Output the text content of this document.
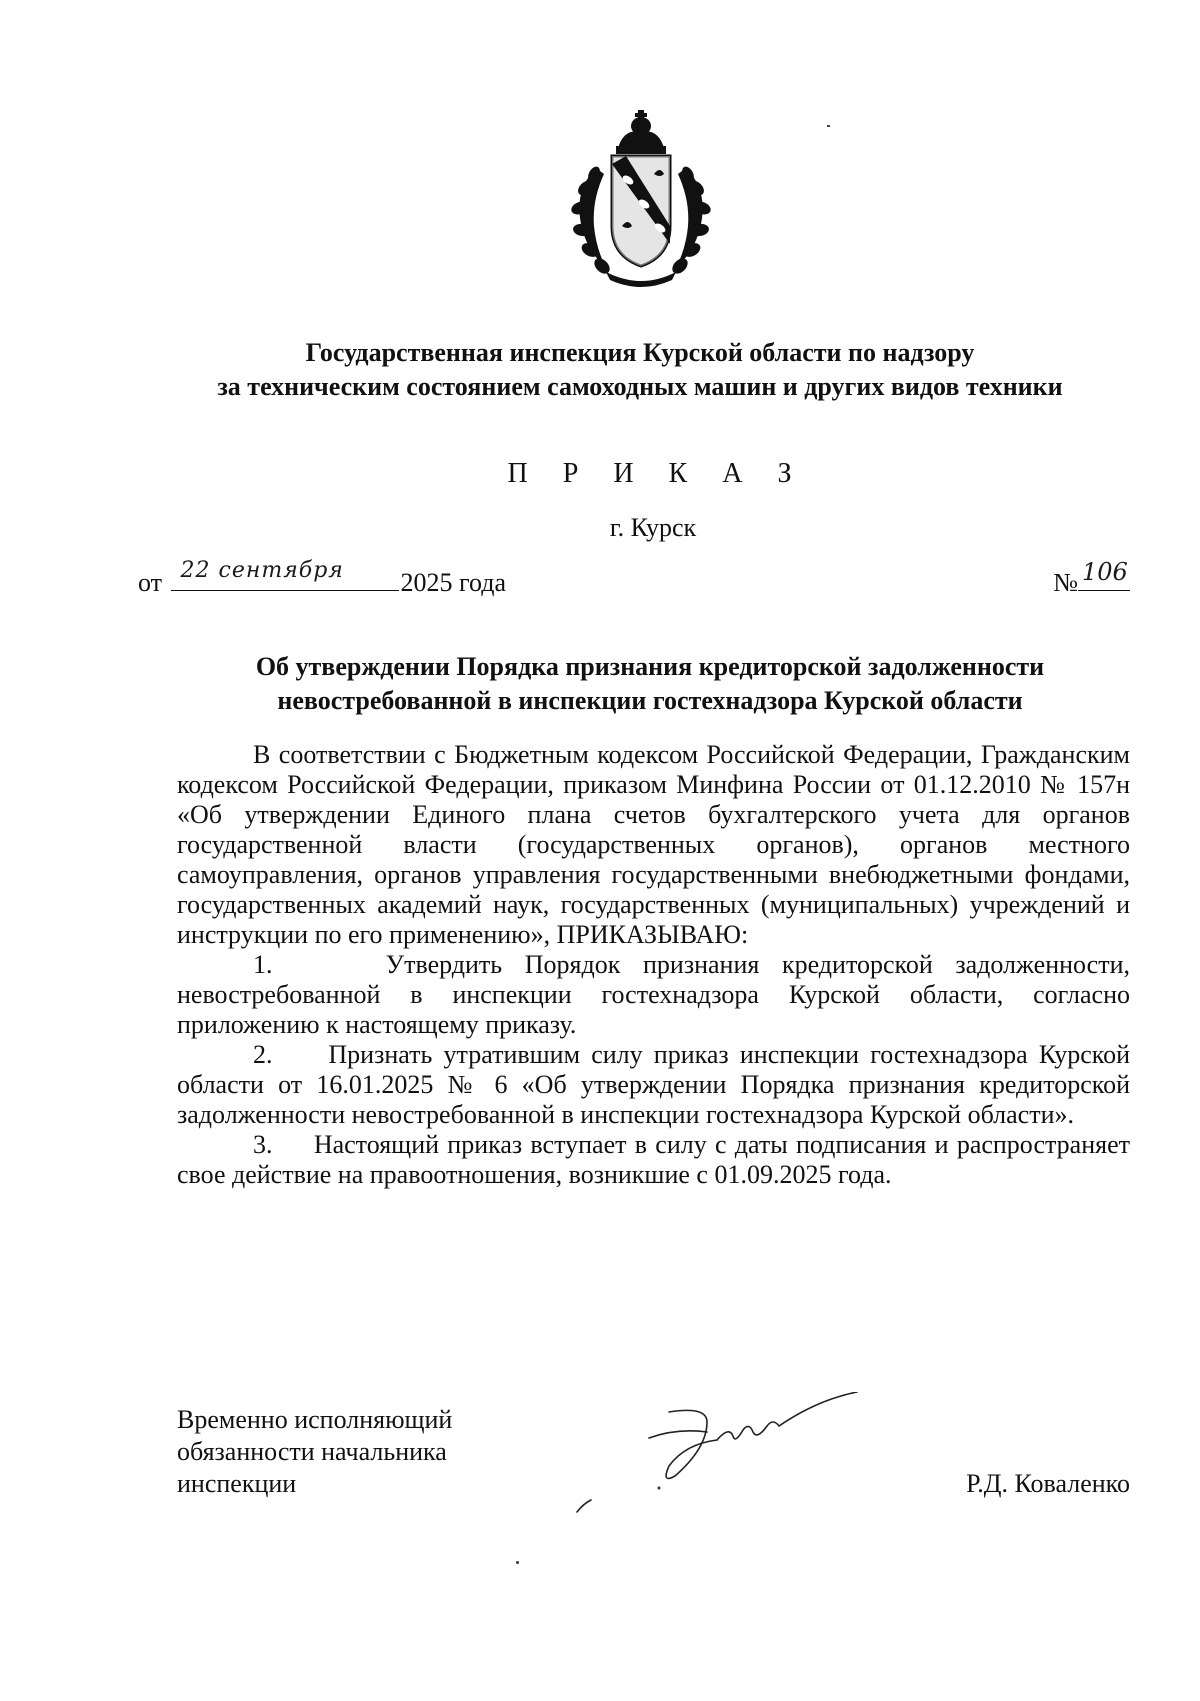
Государственная инспекция Курской области по надзору
за техническим состоянием самоходных машин и других видов техники
П Р И К А З
г. Курск
от 22 сентября 2025 года	№ 106
Об утверждении Порядка признания кредиторской задолженности
невостребованной в инспекции гостехнадзора Курской области

В соответствии с Бюджетным кодексом Российской Федерации, Гражданским кодексом Российской Федерации, приказом Минфина России от 01.12.2010 № 157н «Об утверждении Единого плана счетов бухгалтерского учета для органов государственной власти (государственных органов), органов местного самоуправления, органов управления государственными внебюджетными фондами, государственных академий наук, государственных (муниципальных) учреждений и инструкции по его применению», ПРИКАЗЫВАЮ:

1.     Утвердить Порядок признания кредиторской задолженности, невостребованной в инспекции гостехнадзора Курской области, согласно приложению к настоящему приказу.

2.     Признать утратившим силу приказ инспекции гостехнадзора Курской области от 16.01.2025 № 6 «Об утверждении Порядка признания кредиторской задолженности невостребованной в инспекции гостехнадзора Курской области».

3.     Настоящий приказ вступает в силу с даты подписания и распространяет свое действие на правоотношения, возникшие с 01.09.2025 года.

Временно исполняющий
обязанности начальника
инспекции	Р.Д. Коваленко
